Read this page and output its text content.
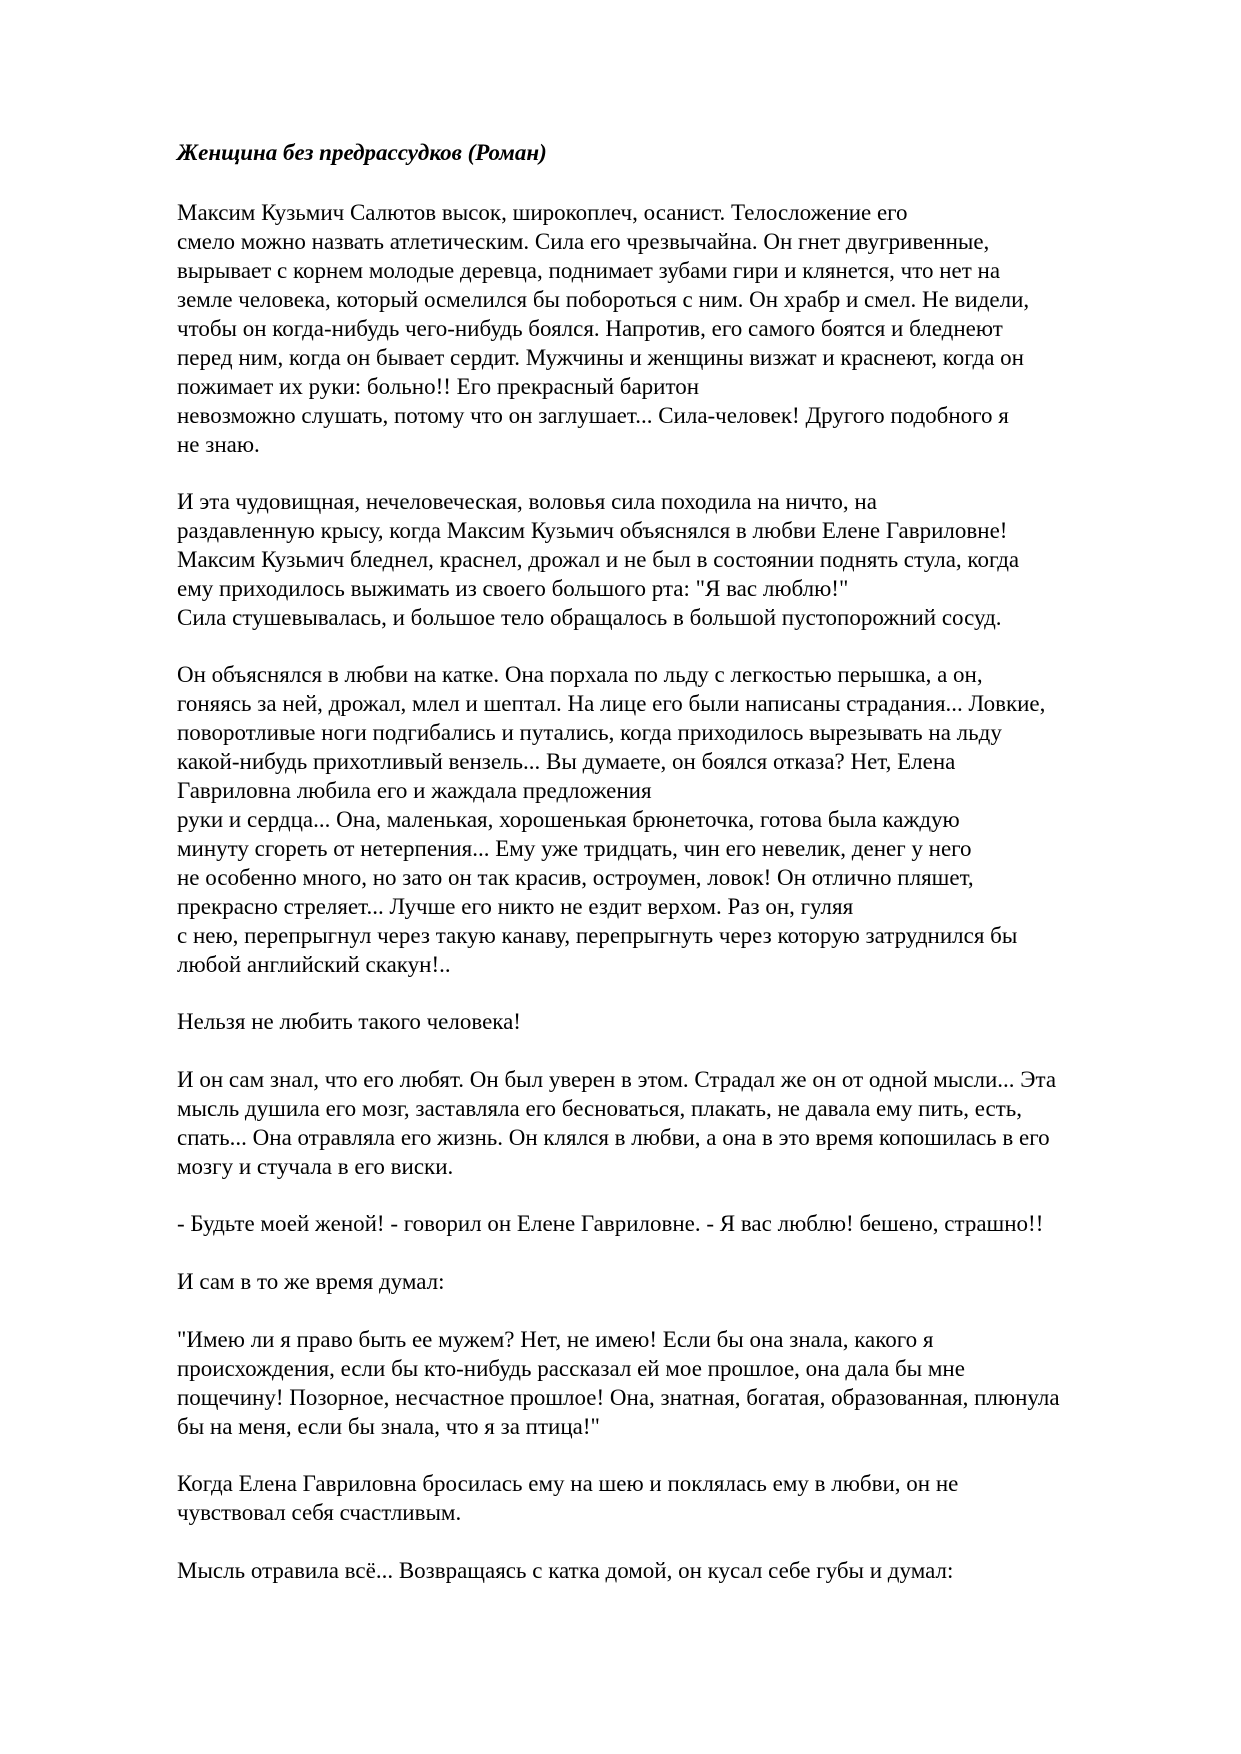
Женщина без предрассудков (Роман)

Максим Кузьмич Салютов высок, широкоплеч, осанист. Телосложение его

смело можно назвать атлетическим. Сила его чрезвычайна. Он гнет двугривенные,

вырывает с корнем молодые деревца, поднимает зубами гири и клянется, что нет на

земле человека, который осмелился бы побороться с ним. Он храбр и смел. Не видели,

чтобы он когда-нибудь чего-нибудь боялся. Напротив, его самого боятся и бледнеют

перед ним, когда он бывает сердит. Мужчины и женщины визжат и краснеют, когда он

пожимает их руки: больно!! Его прекрасный баритон

невозможно слушать, потому что он заглушает... Сила-человек! Другого подобного я

не знаю.

И эта чудовищная, нечеловеческая, воловья сила походила на ничто, на

раздавленную крысу, когда Максим Кузьмич объяснялся в любви Елене Гавриловне!

Максим Кузьмич бледнел, краснел, дрожал и не был в состоянии поднять стула, когда

ему приходилось выжимать из своего большого рта: "Я вас люблю!"

Сила стушевывалась, и большое тело обращалось в большой пустопорожний сосуд.

Он объяснялся в любви на катке. Она порхала по льду с легкостью перышка, а он,

гоняясь за ней, дрожал, млел и шептал. На лице его были написаны страдания... Ловкие,

поворотливые ноги подгибались и путались, когда приходилось вырезывать на льду

какой-нибудь прихотливый вензель... Вы думаете, он боялся отказа? Нет, Елена

Гавриловна любила его и жаждала предложения

руки и сердца... Она, маленькая, хорошенькая брюнеточка, готова была каждую

минуту сгореть от нетерпения... Ему уже тридцать, чин его невелик, денег у него

не особенно много, но зато он так красив, остроумен, ловок! Он отлично пляшет,

прекрасно стреляет... Лучше его никто не ездит верхом. Раз он, гуляя

с нею, перепрыгнул через такую канаву, перепрыгнуть через которую затруднился бы

любой английский скакун!..

Нельзя не любить такого человека!

И он сам знал, что его любят. Он был уверен в этом. Страдал же он от одной мысли... Эта

мысль душила его мозг, заставляла его бесноваться, плакать, не давала ему пить, есть,

спать... Она отравляла его жизнь. Он клялся в любви, а она в это время копошилась в его

мозгу и стучала в его виски.

- Будьте моей женой! - говорил он Елене Гавриловне. - Я вас люблю! бешено, страшно!!

И сам в то же время думал:

"Имею ли я право быть ее мужем? Нет, не имею! Если бы она знала, какого я

происхождения, если бы кто-нибудь рассказал ей мое прошлое, она дала бы мне

пощечину! Позорное, несчастное прошлое! Она, знатная, богатая, образованная, плюнула

бы на меня, если бы знала, что я за птица!"

Когда Елена Гавриловна бросилась ему на шею и поклялась ему в любви, он не

чувствовал себя счастливым.

Мысль отравила всё... Возвращаясь с катка домой, он кусал себе губы и думал:
